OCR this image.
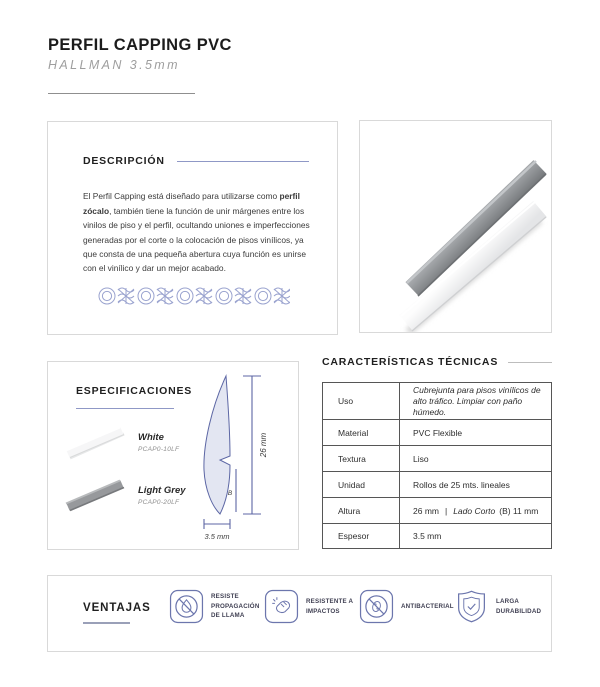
PERFIL CAPPING PVC
HALLMAN 3.5mm
DESCRIPCIÓN

El Perfil Capping está diseñado para utilizarse como perfil zócalo, también tiene la función de unir márgenes entre los vinilos de piso y el perfil, ocultando uniones e imperfecciones generadas por el corte o la colocación de pisos vinílicos, ya que consta de una pequeña abertura cuya función es unirse con el vinílico y dar un mejor acabado.

ESPECIFICACIONES
White
PCAP0-10LF
Light Grey
PCAP0-20LF
26 mm
B
3.5 mm
CARACTERÍSTICAS TÉCNICAS
Uso	Cubrejunta para pisos vinílicos de alto tráfico. Limpiar con paño húmedo.
Material	PVC Flexible
Textura	Liso
Unidad	Rollos de 25 mts. lineales
Altura	26 mm | Lado Corto (B) 11 mm
Espesor	3.5 mm
VENTAJAS
RESISTE PROPAGACIÓN DE LLAMA
RESISTENTE A IMPACTOS
ANTIBACTERIAL
LARGA DURABILIDAD
